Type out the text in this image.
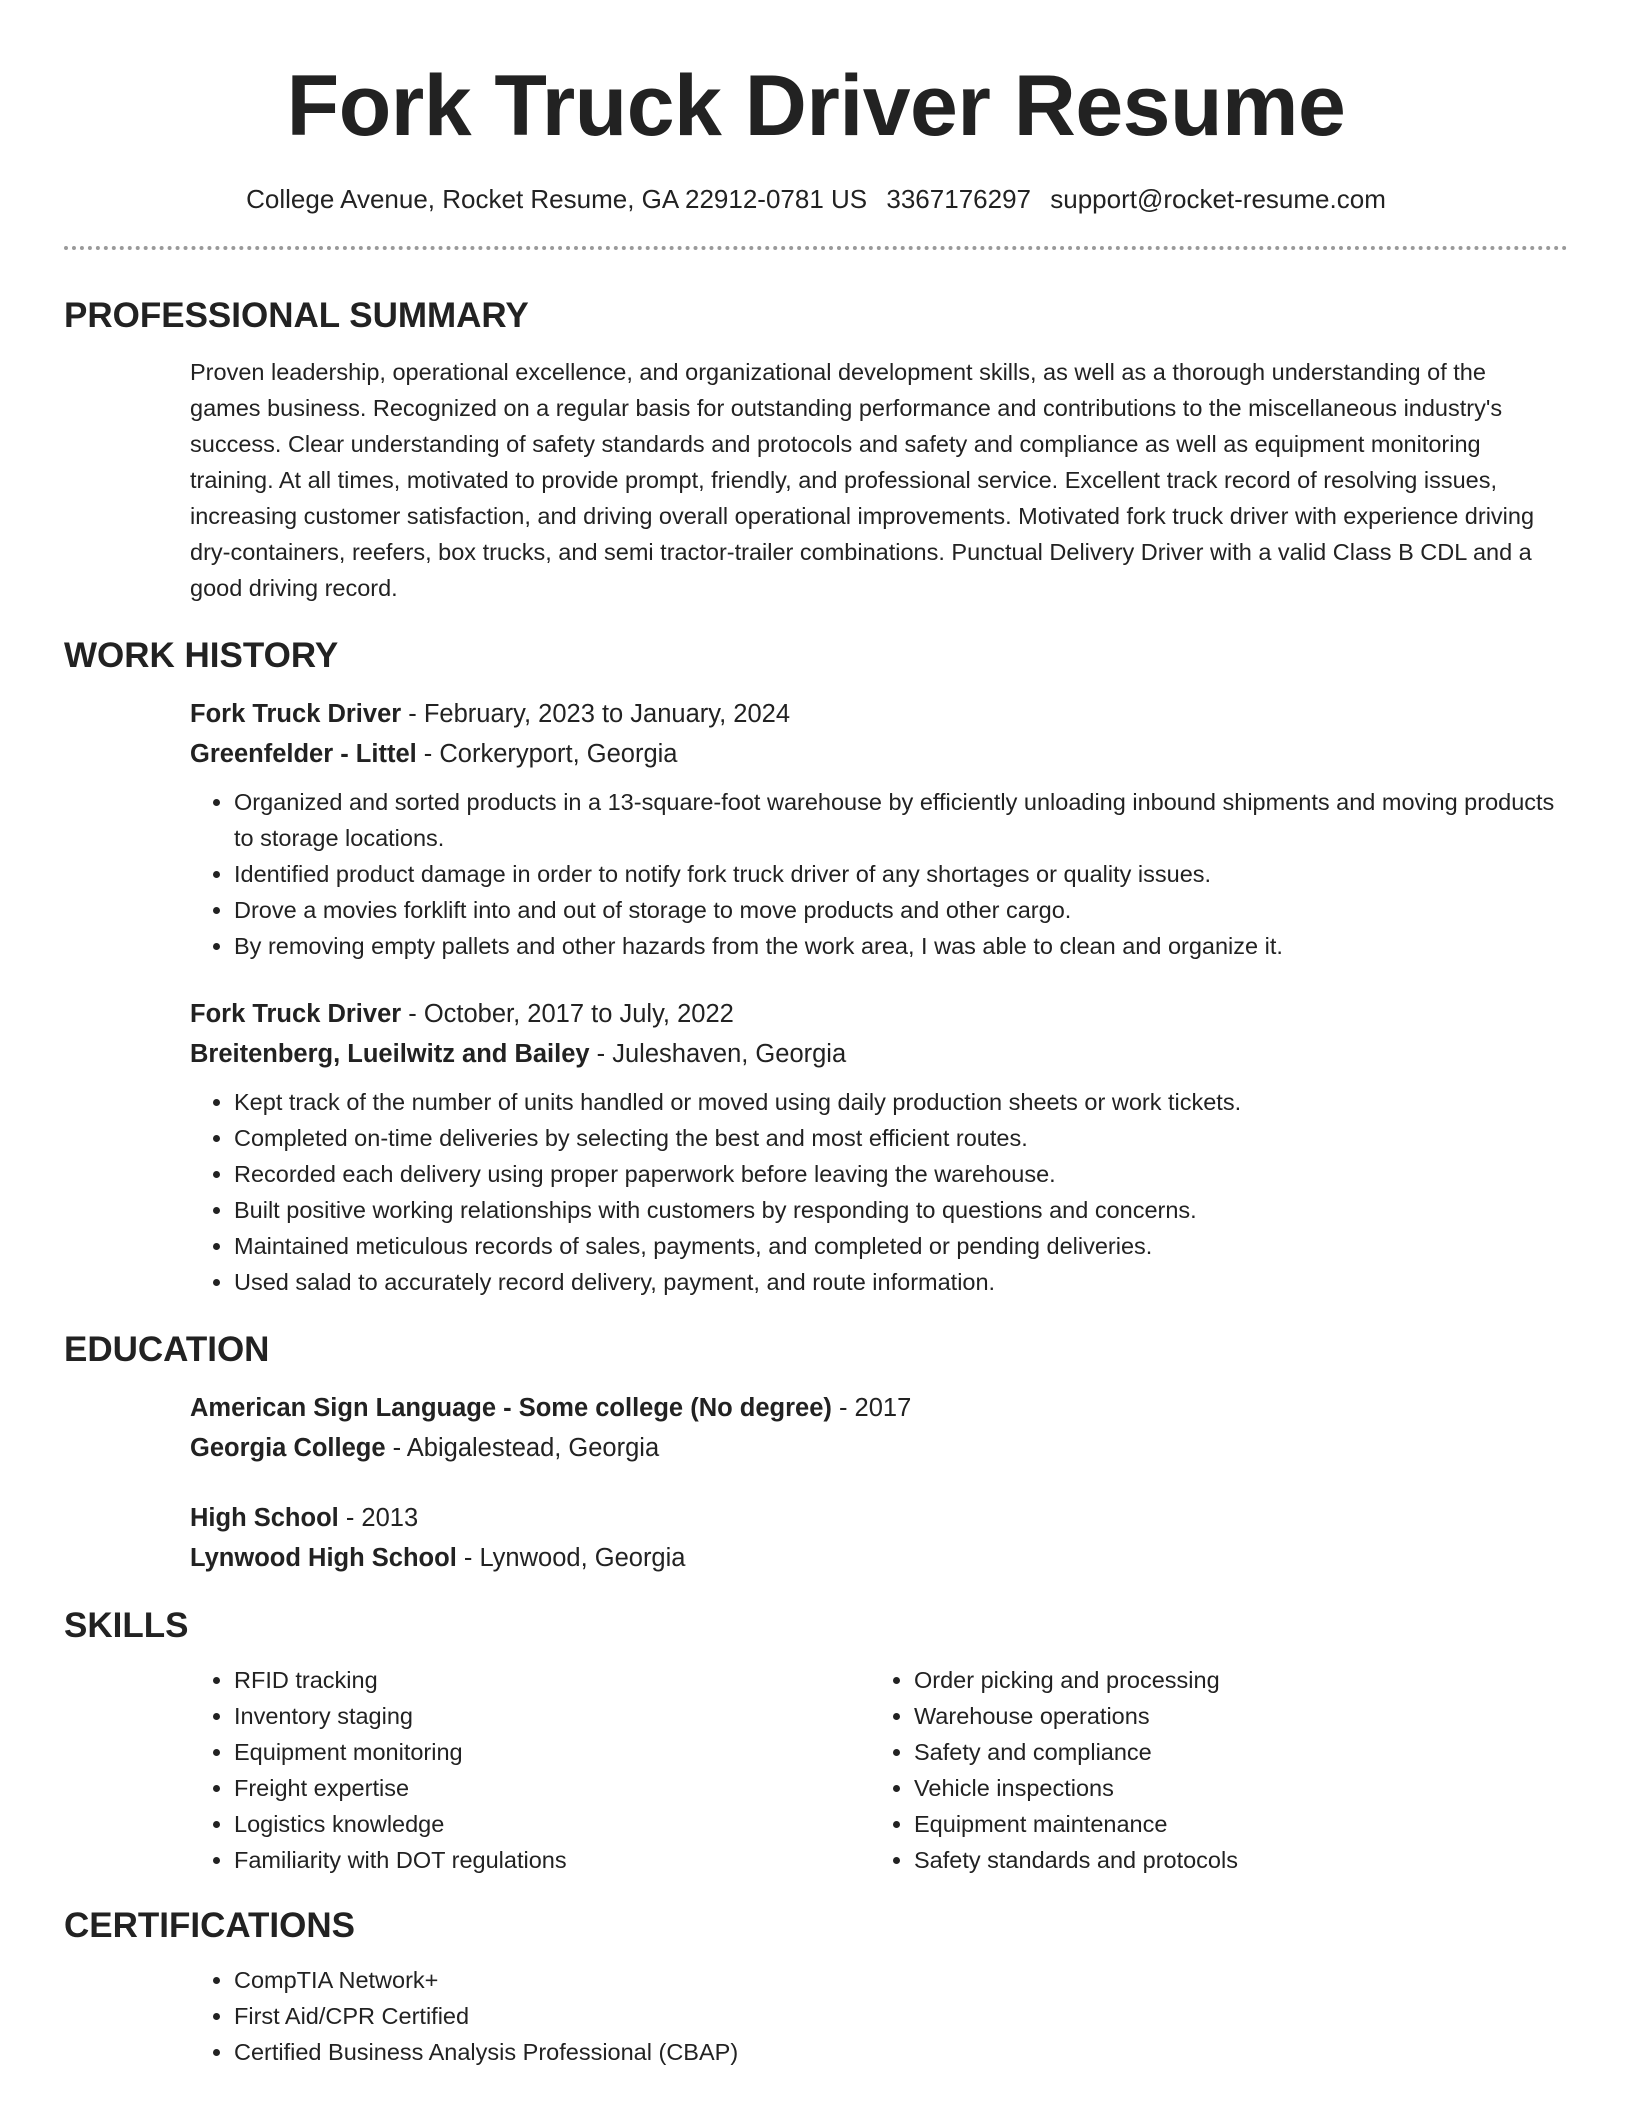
Fork Truck Driver Resume
College Avenue, Rocket Resume, GA 22912-0781 US 3367176297 support@rocket-resume.com
PROFESSIONAL SUMMARY

Proven leadership, operational excellence, and organizational development skills, as well as a thorough understanding of the games business. Recognized on a regular basis for outstanding performance and contributions to the miscellaneous industry's success. Clear understanding of safety standards and protocols and safety and compliance as well as equipment monitoring training. At all times, motivated to provide prompt, friendly, and professional service. Excellent track record of resolving issues, increasing customer satisfaction, and driving overall operational improvements. Motivated fork truck driver with experience driving dry-containers, reefers, box trucks, and semi tractor-trailer combinations. Punctual Delivery Driver with a valid Class B CDL and a good driving record.

WORK HISTORY

Fork Truck Driver - February, 2023 to January, 2024

Greenfelder - Littel - Corkeryport, Georgia

• Organized and sorted products in a 13-square-foot warehouse by efficiently unloading inbound shipments and moving products to storage locations.
• Identified product damage in order to notify fork truck driver of any shortages or quality issues.
• Drove a movies forklift into and out of storage to move products and other cargo.
• By removing empty pallets and other hazards from the work area, I was able to clean and organize it.

Fork Truck Driver - October, 2017 to July, 2022

Breitenberg, Lueilwitz and Bailey - Juleshaven, Georgia

• Kept track of the number of units handled or moved using daily production sheets or work tickets.
• Completed on-time deliveries by selecting the best and most efficient routes.
• Recorded each delivery using proper paperwork before leaving the warehouse.
• Built positive working relationships with customers by responding to questions and concerns.
• Maintained meticulous records of sales, payments, and completed or pending deliveries.
• Used salad to accurately record delivery, payment, and route information.
EDUCATION

American Sign Language - Some college (No degree) - 2017

Georgia College - Abigalestead, Georgia

High School - 2013

Lynwood High School - Lynwood, Georgia

SKILLS
• RFID tracking
• Inventory staging
• Equipment monitoring
• Freight expertise
• Logistics knowledge
• Familiarity with DOT regulations
• Order picking and processing
• Warehouse operations
• Safety and compliance
• Vehicle inspections
• Equipment maintenance
• Safety standards and protocols
CERTIFICATIONS
• CompTIA Network+
• First Aid/CPR Certified
• Certified Business Analysis Professional (CBAP)
